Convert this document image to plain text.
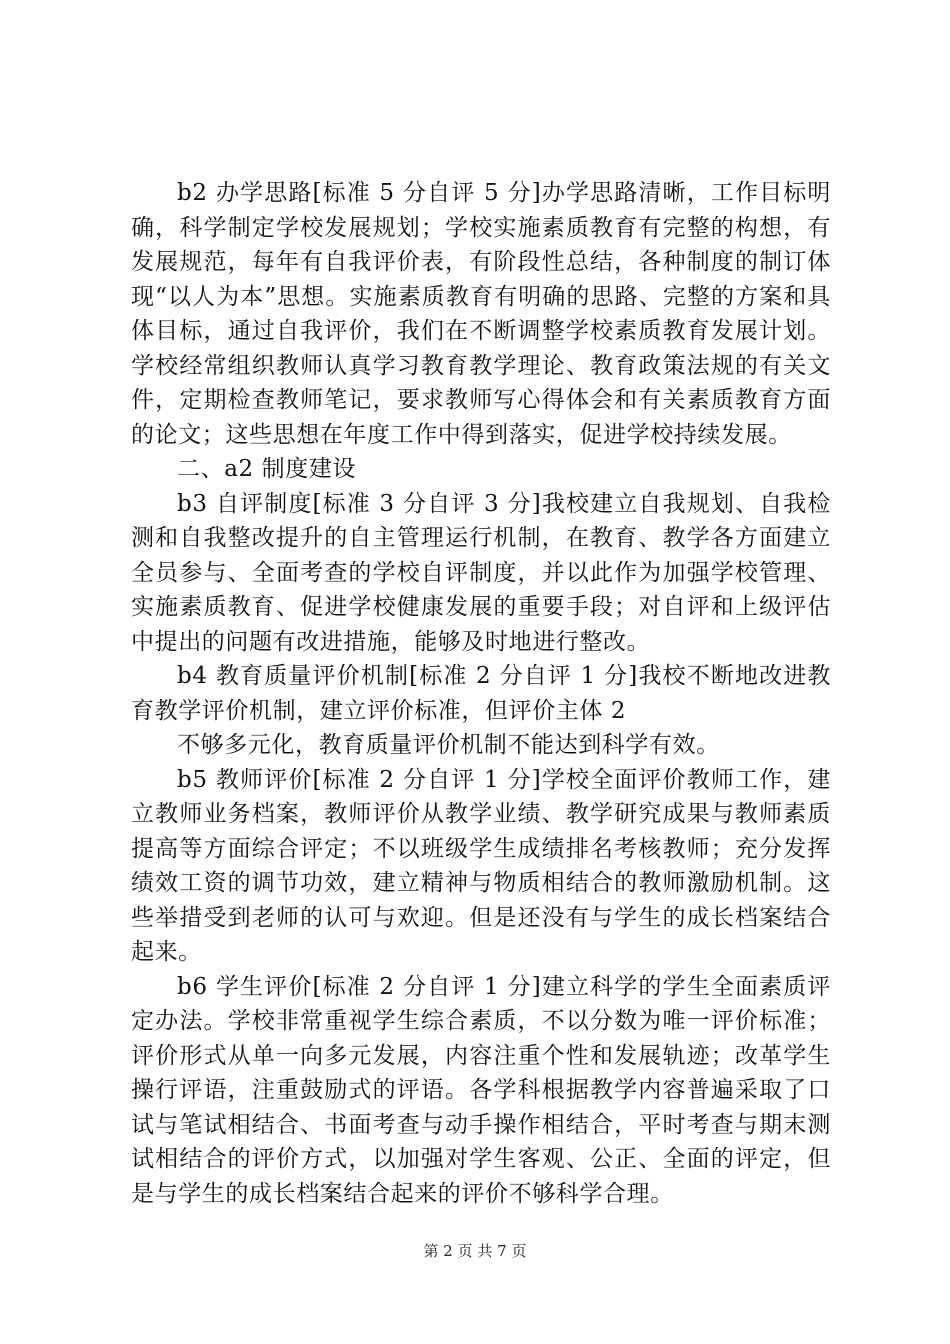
b2 办学思路[标准 5 分自评 5 分]办学思路清晰，工作目标明确，科学制定学校发展规划；学校实施素质教育有完整的构想，有发展规范，每年有自我评价表，有阶段性总结，各种制度的制订体现“以人为本”思想。实施素质教育有明确的思路、完整的方案和具体目标，通过自我评价，我们在不断调整学校素质教育发展计划。学校经常组织教师认真学习教育教学理论、教育政策法规的有关文件，定期检查教师笔记，要求教师写心得体会和有关素质教育方面的论文；这些思想在年度工作中得到落实，促进学校持续发展。

二、a2 制度建设

b3 自评制度[标准 3 分自评 3 分]我校建立自我规划、自我检测和自我整改提升的自主管理运行机制，在教育、教学各方面建立全员参与、全面考查的学校自评制度，并以此作为加强学校管理、实施素质教育、促进学校健康发展的重要手段；对自评和上级评估中提出的问题有改进措施，能够及时地进行整改。

b4 教育质量评价机制[标准 2 分自评 1 分]我校不断地改进教育教学评价机制，建立评价标准，但评价主体 2

不够多元化，教育质量评价机制不能达到科学有效。

b5 教师评价[标准 2 分自评 1 分]学校全面评价教师工作，建立教师业务档案，教师评价从教学业绩、教学研究成果与教师素质提高等方面综合评定；不以班级学生成绩排名考核教师；充分发挥绩效工资的调节功效，建立精神与物质相结合的教师激励机制。这些举措受到老师的认可与欢迎。但是还没有与学生的成长档案结合起来。

b6 学生评价[标准 2 分自评 1 分]建立科学的学生全面素质评定办法。学校非常重视学生综合素质，不以分数为唯一评价标准；评价形式从单一向多元发展，内容注重个性和发展轨迹；改革学生操行评语，注重鼓励式的评语。各学科根据教学内容普遍采取了口试与笔试相结合、书面考查与动手操作相结合，平时考查与期末测试相结合的评价方式，以加强对学生客观、公正、全面的评定，但是与学生的成长档案结合起来的评价不够科学合理。

第 2 页 共 7 页
